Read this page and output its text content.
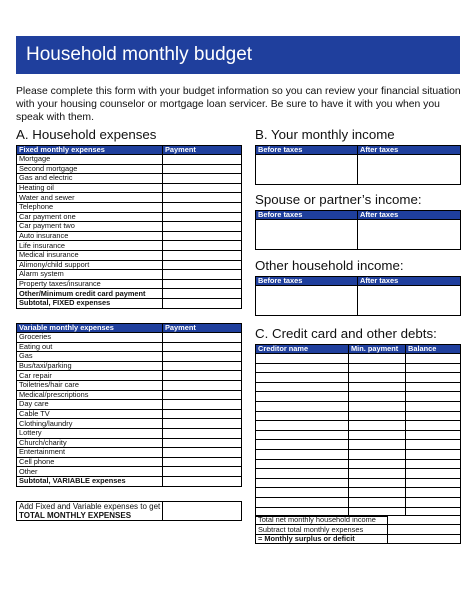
Household monthly budget
Please complete this form with your budget information so you can review your financial situation with your housing counselor or mortgage loan servicer. Be sure to have it with you when you speak with them.
A. Household expenses	B. Your monthly income
Spouse or partner’s income:
Other household income:
C. Credit card and other debts:
Fixed monthly expenses	Payment
Mortgage	
Second mortgage	
Gas and electric	
Heating oil	
Water and sewer	
Telephone	
Car payment one	
Car payment two	
Auto insurance	
Life insurance	
Medical insurance	
Alimony/child support	
Alarm system	
Property taxes/insurance	
Other/Minimum credit card payment	
Subtotal, FIXED expenses	
Variable monthly expenses	Payment
Groceries	
Eating out	
Gas	
Bus/taxi/parking	
Car repair	
Toiletries/hair care	
Medical/prescriptions	
Day care	
Cable TV	
Clothing/laundry	
Lottery	
Church/charity	
Entertainment	
Cell phone	
Other	
Subtotal, VARIABLE expenses	
Add Fixed and Variable expenses to get	
TOTAL MONTHLY EXPENSES
Before taxes	After taxes

Before taxes	After taxes

Before taxes	After taxes

Creditor name	Min. payment	Balance

Total net monthly household income	
Subtract total monthly expenses	
= Monthly surplus or deficit	
